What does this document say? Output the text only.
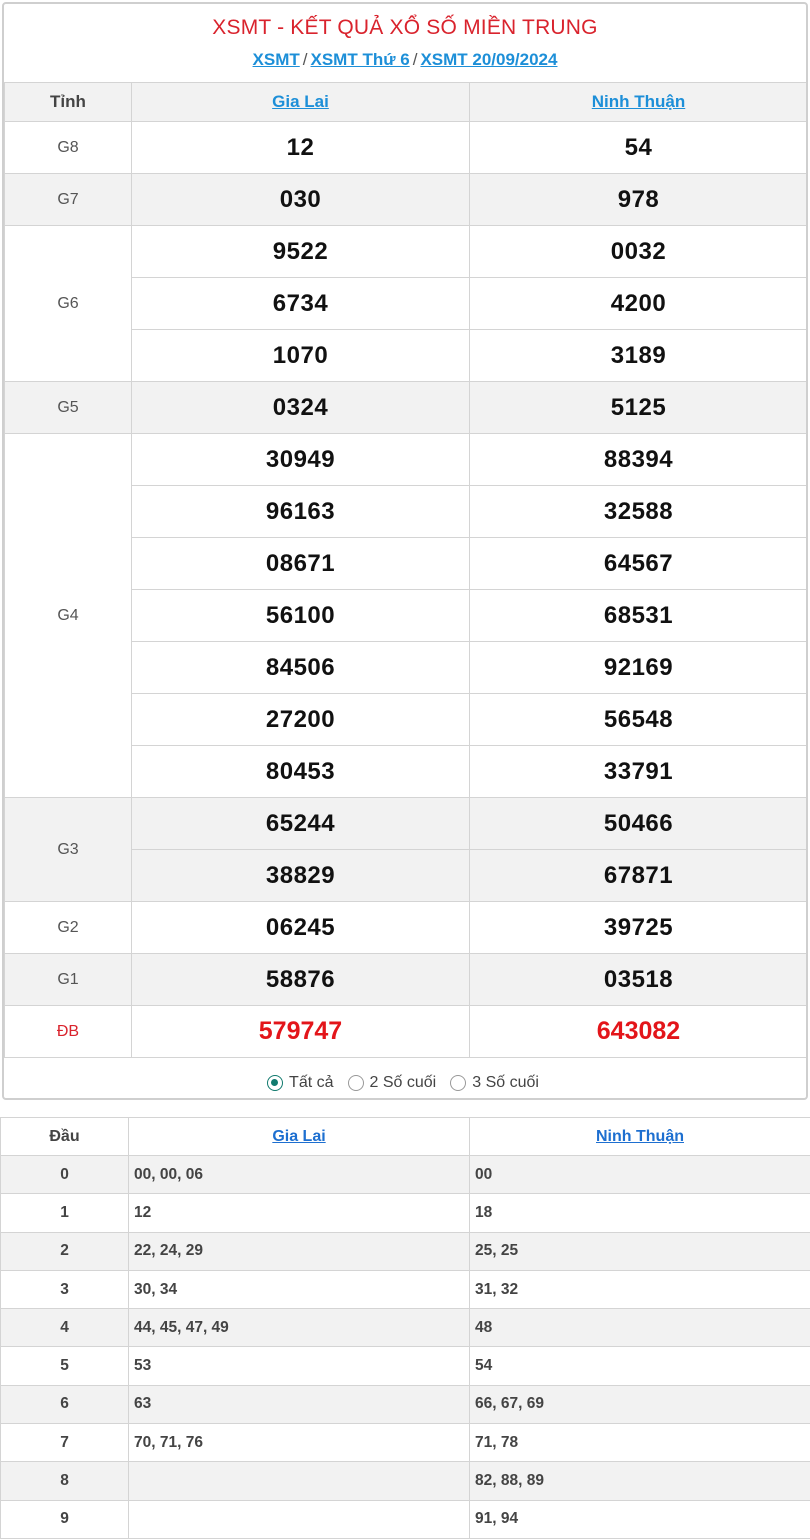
XSMT - KẾT QUẢ XỔ SỐ MIỀN TRUNG
XSMT / XSMT Thứ 6 / XSMT 20/09/2024
Tỉnh	Gia Lai	Ninh Thuận
G8	12	54
G7	030	978
G6	9522	0032
	6734	4200
	1070	3189
G5	0324	5125
G4	30949	88394
	96163	32588
	08671	64567
	56100	68531
	84506	92169
	27200	56548
	80453	33791
G3	65244	50466
	38829	67871
G2	06245	39725
G1	58876	03518
ĐB	579747	643082
Tất cả 2 Số cuối 3 Số cuối
Đầu	Gia Lai	Ninh Thuận
0	00, 00, 06	00
1	12	18
2	22, 24, 29	25, 25
3	30, 34	31, 32
4	44, 45, 47, 49	48
5	53	54
6	63	66, 67, 69
7	70, 71, 76	71, 78
8		82, 88, 89
9		91, 94
